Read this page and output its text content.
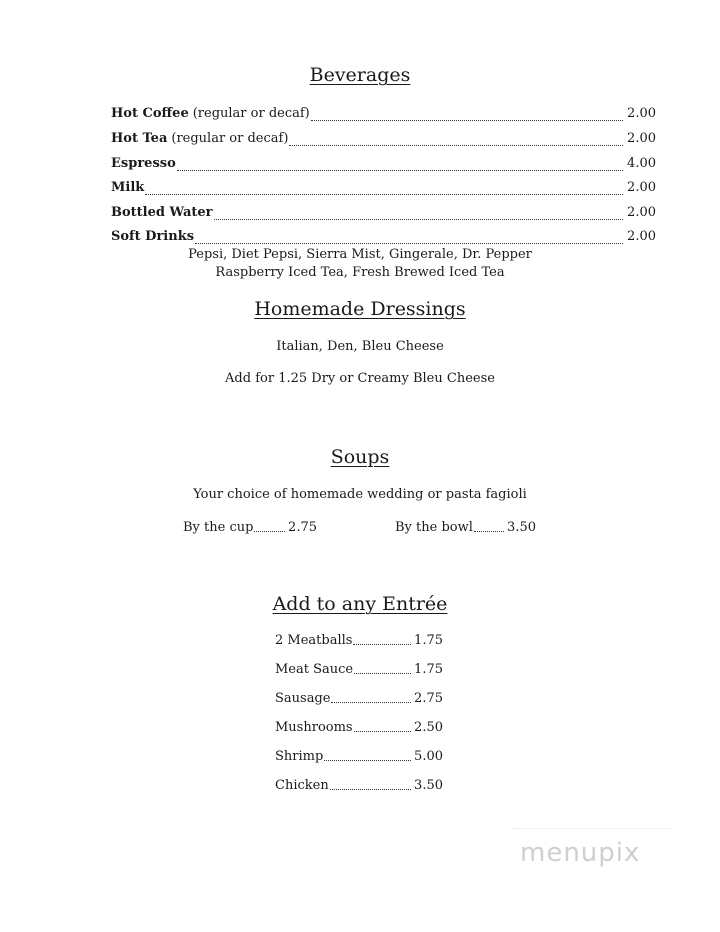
Beverages
Hot Coffee (regular or decaf)	2.00
Hot Tea (regular or decaf)	2.00
Espresso	4.00
Milk	2.00
Bottled Water	2.00
Soft Drinks	2.00
Pepsi, Diet Pepsi, Sierra Mist, Gingerale, Dr. Pepper
Raspberry Iced Tea, Fresh Brewed Iced Tea
Homemade Dressings
Italian, Den, Bleu Cheese
Add for 1.25 Dry or Creamy Bleu Cheese
Soups
Your choice of homemade wedding or pasta fagioli
By the cup	2.75	By the bowl	3.50
Add to any Entrée
2 Meatballs	1.75
Meat Sauce	1.75
Sausage	2.75
Mushrooms	2.50
Shrimp	5.00
Chicken	3.50
menupix
